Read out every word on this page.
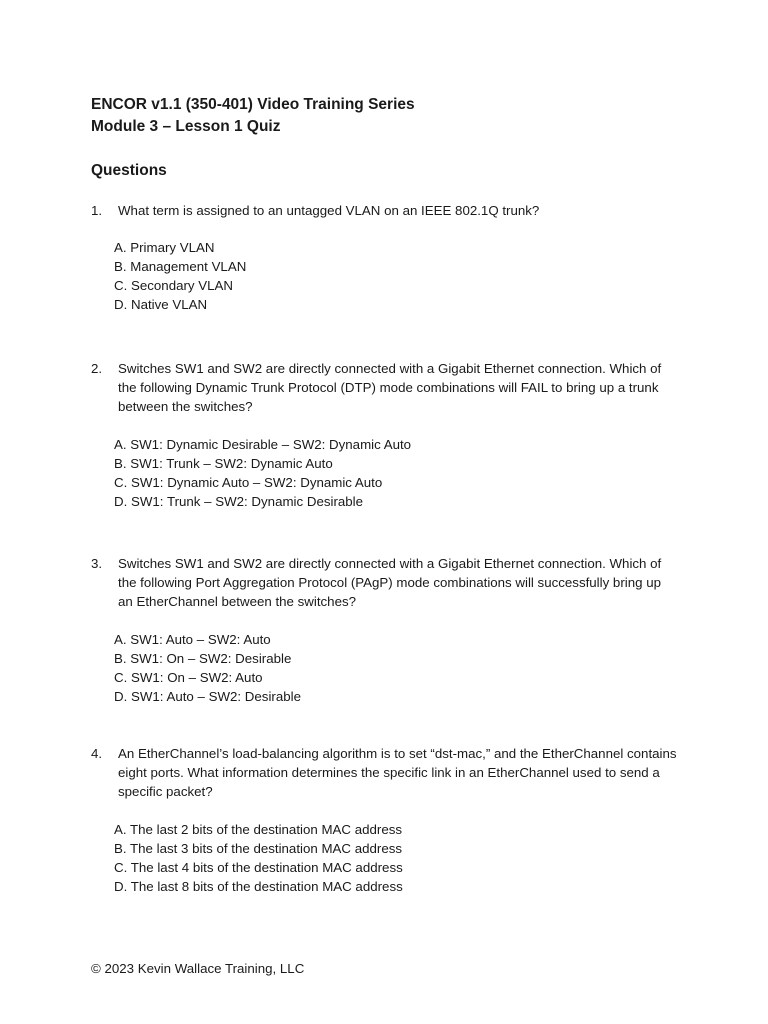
ENCOR v1.1 (350-401) Video Training Series
Module 3 – Lesson 1 Quiz
Questions
1.	What term is assigned to an untagged VLAN on an IEEE 802.1Q trunk?
A. Primary VLAN
B. Management VLAN
C. Secondary VLAN
D. Native VLAN
2.	Switches SW1 and SW2 are directly connected with a Gigabit Ethernet connection. Which of the following Dynamic Trunk Protocol (DTP) mode combinations will FAIL to bring up a trunk between the switches?
A. SW1: Dynamic Desirable – SW2: Dynamic Auto
B. SW1: Trunk – SW2: Dynamic Auto
C. SW1: Dynamic Auto – SW2: Dynamic Auto
D. SW1: Trunk – SW2: Dynamic Desirable
3.	Switches SW1 and SW2 are directly connected with a Gigabit Ethernet connection. Which of the following Port Aggregation Protocol (PAgP) mode combinations will successfully bring up an EtherChannel between the switches?
A. SW1: Auto – SW2: Auto
B. SW1: On – SW2: Desirable
C. SW1: On – SW2: Auto
D. SW1: Auto – SW2: Desirable
4.	An EtherChannel’s load-balancing algorithm is to set “dst-mac,” and the EtherChannel contains eight ports. What information determines the specific link in an EtherChannel used to send a specific packet?
A. The last 2 bits of the destination MAC address
B. The last 3 bits of the destination MAC address
C. The last 4 bits of the destination MAC address
D. The last 8 bits of the destination MAC address
© 2023 Kevin Wallace Training, LLC
